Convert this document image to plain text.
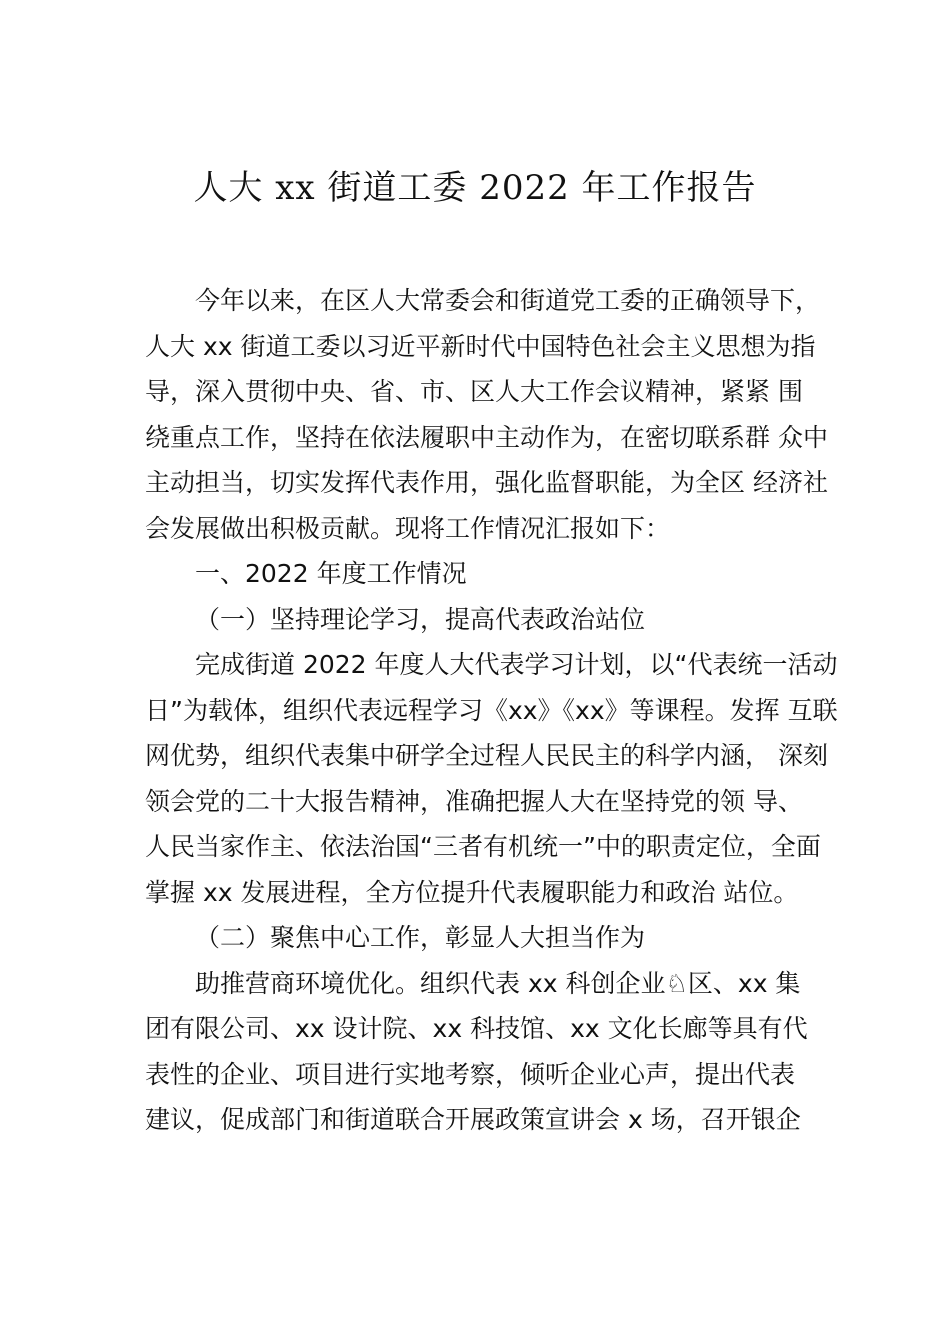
人大 xx 街道工委 2022 年工作报告
今年以来，在区人大常委会和街道党工委的正确领导下，
人大 xx 街道工委以习近平新时代中国特色社会主义思想为指
导，深入贯彻中央、省、市、区人大工作会议精神，紧紧 围
绕重点工作，坚持在依法履职中主动作为，在密切联系群 众中
主动担当，切实发挥代表作用，强化监督职能，为全区 经济社
会发展做出积极贡献。现将工作情况汇报如下：
一、2022 年度工作情况
（一）坚持理论学习，提高代表政治站位
完成街道 2022 年度人大代表学习计划，以“代表统一活动
日”为载体，组织代表远程学习《xx》《xx》等课程。发挥 互联
网优势，组织代表集中研学全过程人民民主的科学内涵， 深刻
领会党的二十大报告精神，准确把握人大在坚持党的领 导、
人民当家作主、依法治国“三者有机统一”中的职责定位，全面
掌握 xx 发展进程，全方位提升代表履职能力和政治 站位。
（二）聚焦中心工作，彰显人大担当作为
助推营商环境优化。组织代表 xx 科创企业♘区、xx 集
团有限公司、xx 设计院、xx 科技馆、xx 文化长廊等具有代
表性的企业、项目进行实地考察，倾听企业心声，提出代表
建议，促成部门和街道联合开展政策宣讲会 x 场，召开银企
